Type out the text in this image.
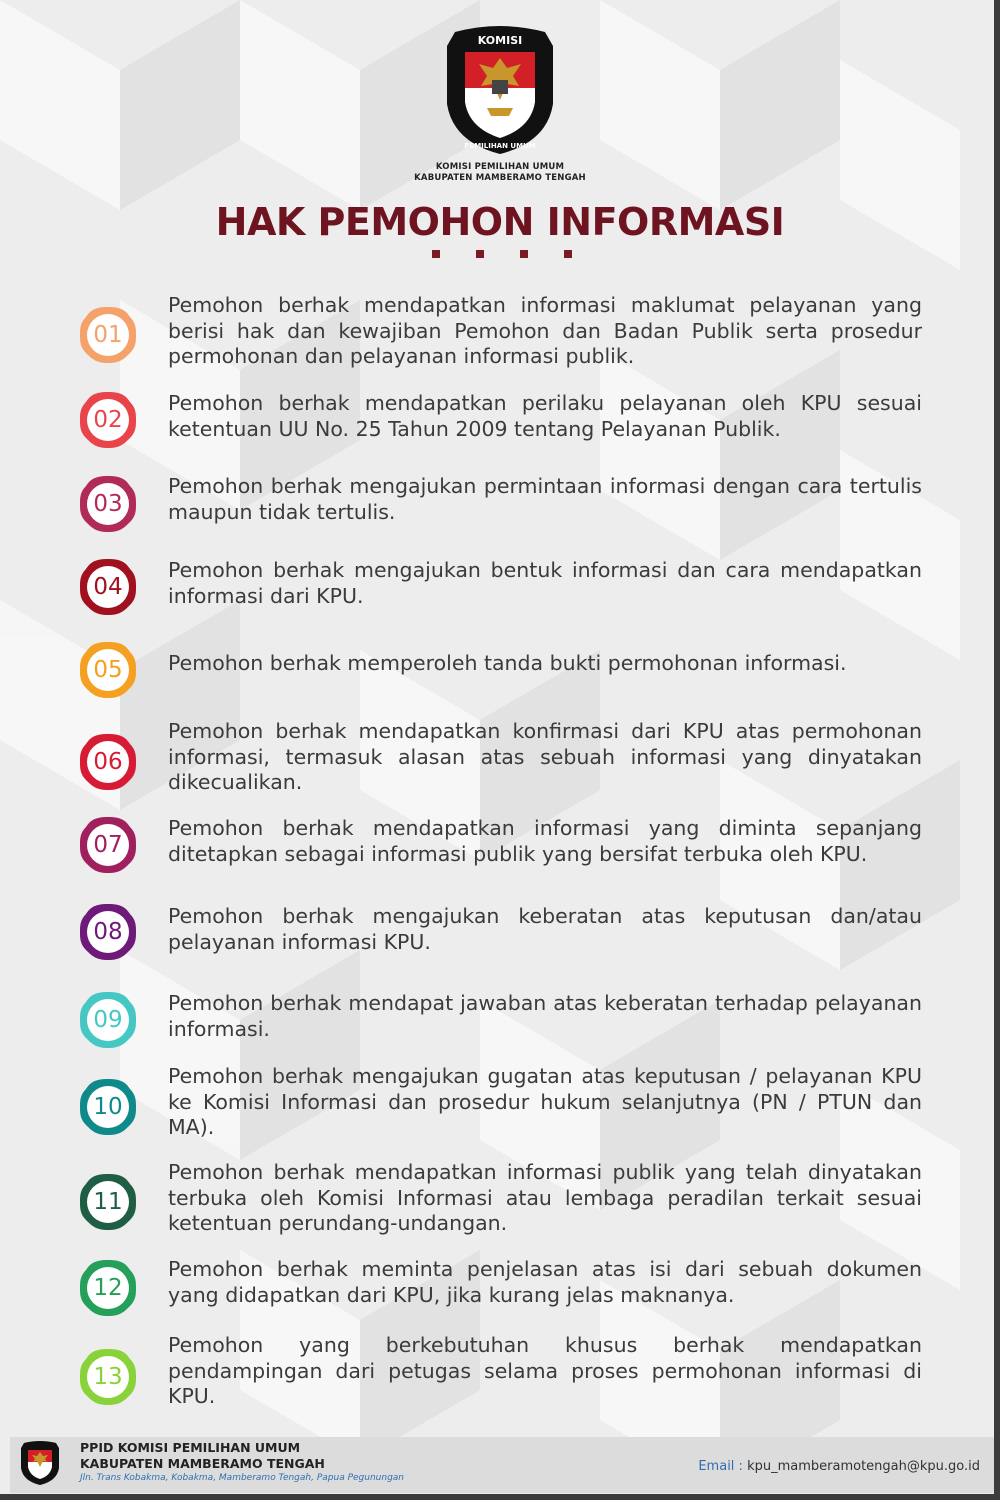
KOMISI
PEMILIHAN UMUM
KOMISI PEMILIHAN UMUM
KABUPATEN MAMBERAMO TENGAH
HAK PEMOHON INFORMASI
01
Pemohon berhak mendapatkan informasi maklumat pelayanan yang berisi hak dan kewajiban Pemohon dan Badan Publik serta prosedur permohonan dan pelayanan informasi publik.
02
Pemohon berhak mendapatkan perilaku pelayanan oleh KPU sesuai ketentuan UU No. 25 Tahun 2009 tentang Pelayanan Publik.
03
Pemohon berhak mengajukan permintaan informasi dengan cara tertulis maupun tidak tertulis.
04
Pemohon berhak mengajukan bentuk informasi dan cara mendapatkan informasi dari KPU.
05	Pemohon berhak memperoleh tanda bukti permohonan informasi.
06
Pemohon berhak mendapatkan konfirmasi dari KPU atas permohonan informasi, termasuk alasan atas sebuah informasi yang dinyatakan dikecualikan.
07
Pemohon berhak mendapatkan informasi yang diminta sepanjang ditetapkan sebagai informasi publik yang bersifat terbuka oleh KPU.
08
Pemohon berhak mengajukan keberatan atas keputusan dan/atau pelayanan informasi KPU.
09
Pemohon berhak mendapat jawaban atas keberatan terhadap pelayanan informasi.
10
Pemohon berhak mengajukan gugatan atas keputusan / pelayanan KPU ke Komisi Informasi dan prosedur hukum selanjutnya (PN / PTUN dan MA).
11
Pemohon berhak mendapatkan informasi publik yang telah dinyatakan terbuka oleh Komisi Informasi atau lembaga peradilan terkait sesuai ketentuan perundang-undangan.
12
Pemohon berhak meminta penjelasan atas isi dari sebuah dokumen yang didapatkan dari KPU, jika kurang jelas maknanya.
13
Pemohon yang berkebutuhan khusus berhak mendapatkan pendampingan dari petugas selama proses permohonan informasi di KPU.
PPID KOMISI PEMILIHAN UMUM
KABUPATEN MAMBERAMO TENGAH
Jln. Trans Kobakma, Kobakma, Mamberamo Tengah, Papua Pegunungan
Email : kpu_mamberamotengah@kpu.go.id
